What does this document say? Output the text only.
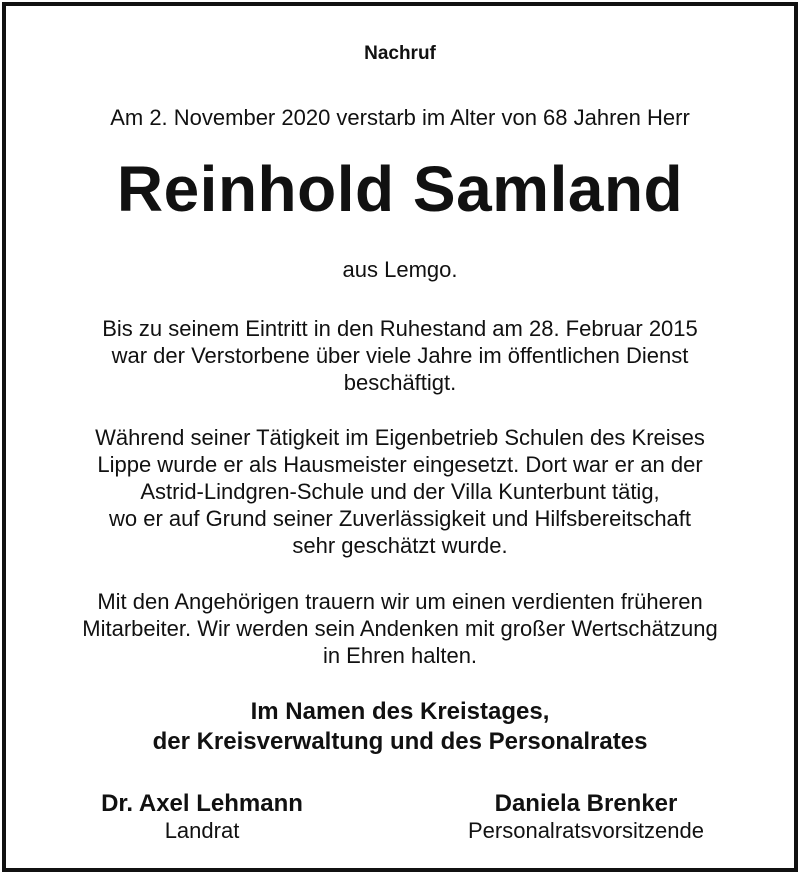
Nachruf
Am 2. November 2020 verstarb im Alter von 68 Jahren Herr
Reinhold Samland
aus Lemgo.
Bis zu seinem Eintritt in den Ruhestand am 28. Februar 2015
war der Verstorbene über viele Jahre im öffentlichen Dienst
beschäftigt.
Während seiner Tätigkeit im Eigenbetrieb Schulen des Kreises
Lippe wurde er als Hausmeister eingesetzt. Dort war er an der
Astrid-Lindgren-Schule und der Villa Kunterbunt tätig,
wo er auf Grund seiner Zuverlässigkeit und Hilfsbereitschaft
sehr geschätzt wurde.
Mit den Angehörigen trauern wir um einen verdienten früheren
Mitarbeiter. Wir werden sein Andenken mit großer Wertschätzung
in Ehren halten.
Im Namen des Kreistages,
der Kreisverwaltung und des Personalrates
Dr. Axel Lehmann
Landrat
Daniela Brenker
Personalratsvorsitzende
